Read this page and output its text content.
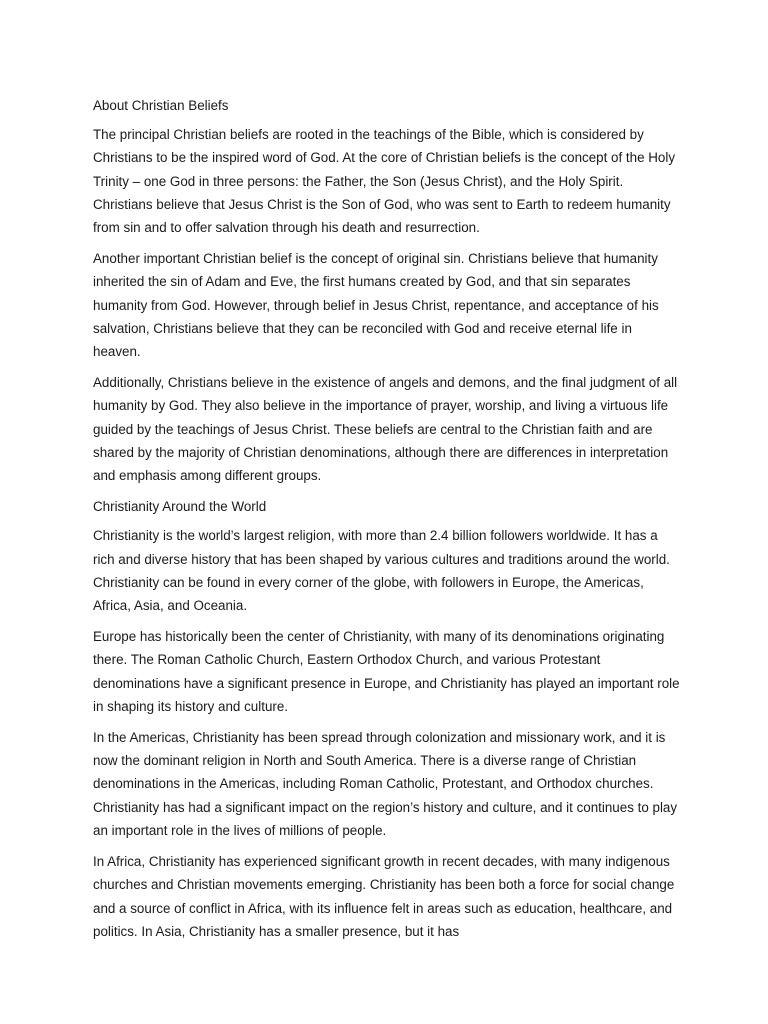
About Christian Beliefs

The principal Christian beliefs are rooted in the teachings of the Bible, which is considered by Christians to be the inspired word of God. At the core of Christian beliefs is the concept of the Holy Trinity – one God in three persons: the Father, the Son (Jesus Christ), and the Holy Spirit. Christians believe that Jesus Christ is the Son of God, who was sent to Earth to redeem humanity from sin and to offer salvation through his death and resurrection.

Another important Christian belief is the concept of original sin. Christians believe that humanity inherited the sin of Adam and Eve, the first humans created by God, and that sin separates humanity from God. However, through belief in Jesus Christ, repentance, and acceptance of his salvation, Christians believe that they can be reconciled with God and receive eternal life in heaven.

Additionally, Christians believe in the existence of angels and demons, and the final judgment of all humanity by God. They also believe in the importance of prayer, worship, and living a virtuous life guided by the teachings of Jesus Christ. These beliefs are central to the Christian faith and are shared by the majority of Christian denominations, although there are differences in interpretation and emphasis among different groups.

Christianity Around the World

Christianity is the world’s largest religion, with more than 2.4 billion followers worldwide. It has a rich and diverse history that has been shaped by various cultures and traditions around the world. Christianity can be found in every corner of the globe, with followers in Europe, the Americas, Africa, Asia, and Oceania.

Europe has historically been the center of Christianity, with many of its denominations originating there. The Roman Catholic Church, Eastern Orthodox Church, and various Protestant denominations have a significant presence in Europe, and Christianity has played an important role in shaping its history and culture.

In the Americas, Christianity has been spread through colonization and missionary work, and it is now the dominant religion in North and South America. There is a diverse range of Christian denominations in the Americas, including Roman Catholic, Protestant, and Orthodox churches. Christianity has had a significant impact on the region’s history and culture, and it continues to play an important role in the lives of millions of people.

In Africa, Christianity has experienced significant growth in recent decades, with many indigenous churches and Christian movements emerging. Christianity has been both a force for social change and a source of conflict in Africa, with its influence felt in areas such as education, healthcare, and politics. In Asia, Christianity has a smaller presence, but it has
